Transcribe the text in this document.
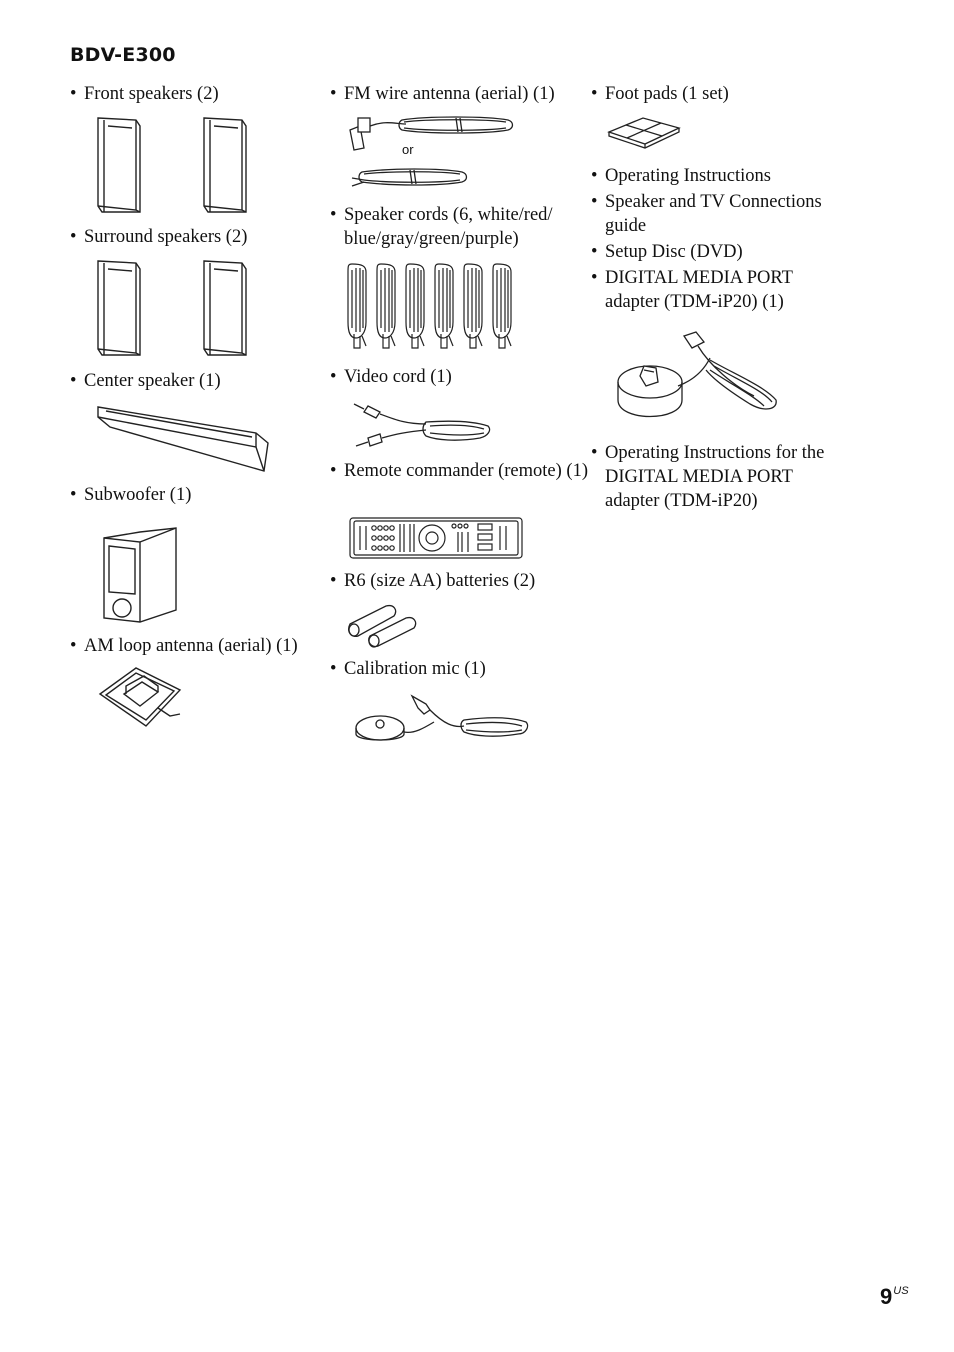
BDV-E300
• Front speakers (2)
• Surround speakers (2)
• Center speaker (1)
• Subwoofer (1)
• AM loop antenna (aerial) (1)
• FM wire antenna (aerial) (1)
or
• Speaker cords (6, white/red/ blue/gray/green/purple)
• Video cord (1)
• Remote commander (remote) (1)
• R6 (size AA) batteries (2)
• Calibration mic (1)
• Foot pads (1 set)
• Operating Instructions
• Speaker and TV Connections guide
• Setup Disc (DVD)
• DIGITAL MEDIA PORT adapter (TDM-iP20) (1)
• Operating Instructions for the DIGITAL MEDIA PORT adapter (TDM-iP20)
$9^{US}$
